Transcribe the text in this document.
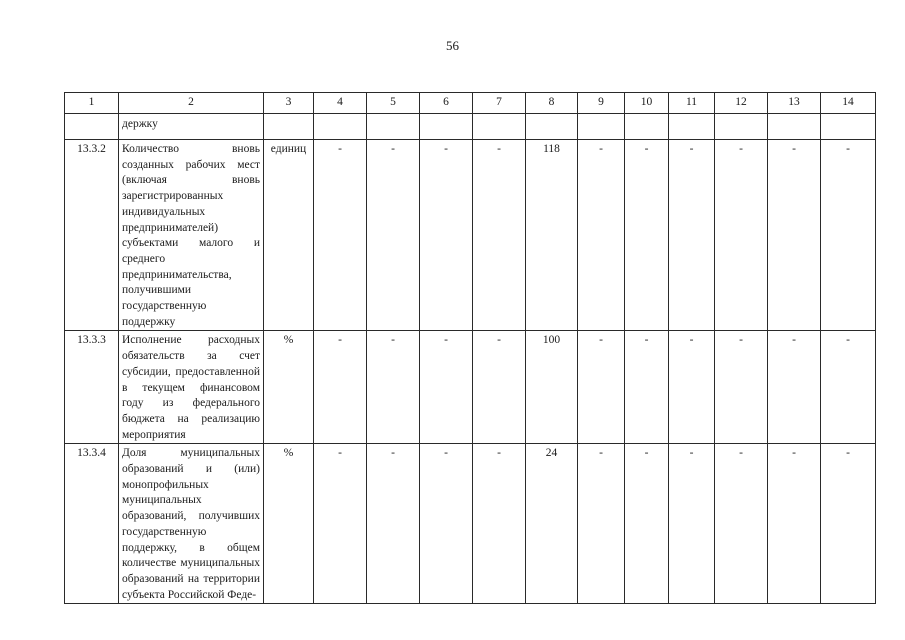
56
1	2	3	4	5	6	7	8	9	10	11	12	13	14
	держку												
13.3.2	Количество вновь созданных рабочих мест (включая вновь зарегистрированных индивидуальных предпринимателей) субъектами малого и среднего предпринимательства, получившими государственную поддержку	единиц	-	-	-	-	118	-	-	-	-	-	-
13.3.3	Исполнение расходных обязательств за счет субсидии, предоставленной в текущем финансовом году из федерального бюджета на реализацию мероприятия	%	-	-	-	-	100	-	-	-	-	-	-
13.3.4	Доля муниципальных образований и (или) монопрофильных муниципальных образований, получивших государственную поддержку, в общем количестве муниципальных образований на территории субъекта Российской Феде-	%	-	-	-	-	24	-	-	-	-	-	-
